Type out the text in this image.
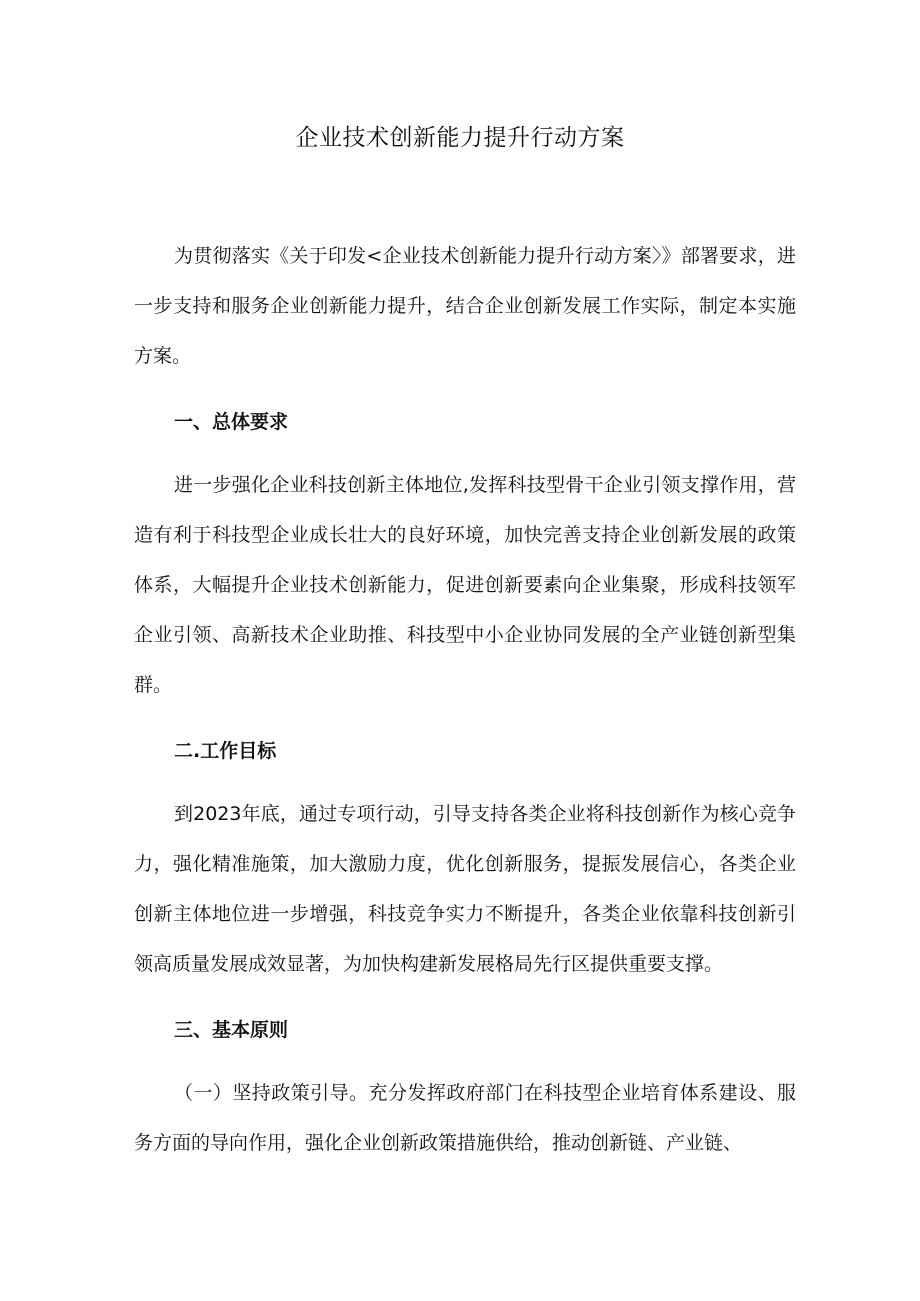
企业技术创新能力提升行动方案

为贯彻落实《关于印发<企业技术创新能力提升行动方案〉》部署要求，进一步支持和服务企业创新能力提升，结合企业创新发展工作实际，制定本实施方案。

一、总体要求

进一步强化企业科技创新主体地位,发挥科技型骨干企业引领支撑作用，营造有利于科技型企业成长壮大的良好环境，加快完善支持企业创新发展的政策体系，大幅提升企业技术创新能力，促进创新要素向企业集聚，形成科技领军企业引领、高新技术企业助推、科技型中小企业协同发展的全产业链创新型集群。

二.工作目标

到2023年底，通过专项行动，引导支持各类企业将科技创新作为核心竞争力，强化精准施策，加大激励力度，优化创新服务，提振发展信心，各类企业创新主体地位进一步增强，科技竞争实力不断提升，各类企业依靠科技创新引领高质量发展成效显著，为加快构建新发展格局先行区提供重要支撑。

三、基本原则

（一）坚持政策引导。充分发挥政府部门在科技型企业培育体系建设、服务方面的导向作用，强化企业创新政策措施供给，推动创新链、产业链、
